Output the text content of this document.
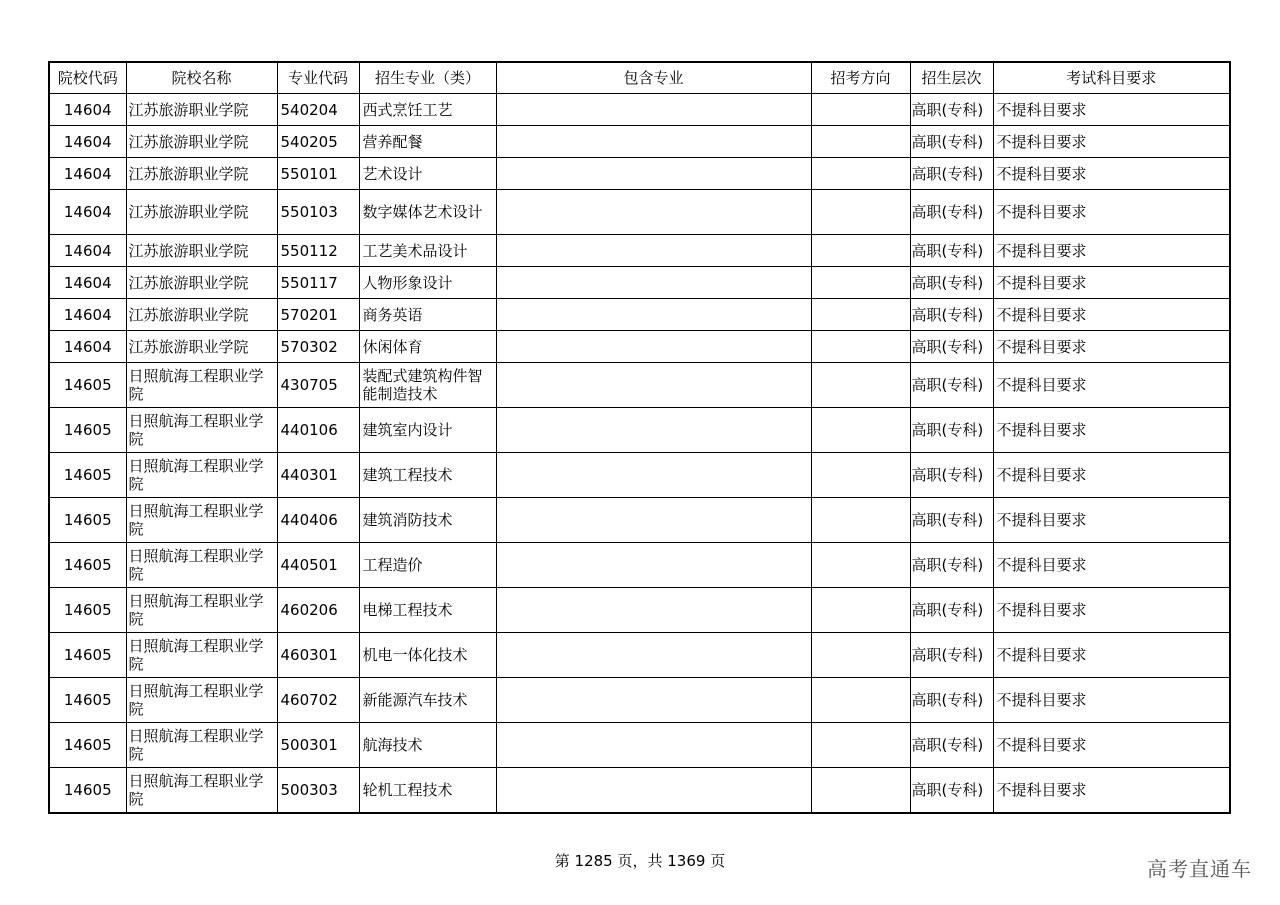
院校代码	院校名称	专业代码	招生专业（类）	包含专业	招考方向	招生层次	考试科目要求
14604	江苏旅游职业学院	540204	西式烹饪工艺			高职(专科)	不提科目要求
14604	江苏旅游职业学院	540205	营养配餐			高职(专科)	不提科目要求
14604	江苏旅游职业学院	550101	艺术设计			高职(专科)	不提科目要求
14604	江苏旅游职业学院	550103	数字媒体艺术设计			高职(专科)	不提科目要求
14604	江苏旅游职业学院	550112	工艺美术品设计			高职(专科)	不提科目要求
14604	江苏旅游职业学院	550117	人物形象设计			高职(专科)	不提科目要求
14604	江苏旅游职业学院	570201	商务英语			高职(专科)	不提科目要求
14604	江苏旅游职业学院	570302	休闲体育			高职(专科)	不提科目要求
14605	日照航海工程职业学院	430705	装配式建筑构件智能制造技术			高职(专科)	不提科目要求
14605	日照航海工程职业学院	440106	建筑室内设计			高职(专科)	不提科目要求
14605	日照航海工程职业学院	440301	建筑工程技术			高职(专科)	不提科目要求
14605	日照航海工程职业学院	440406	建筑消防技术			高职(专科)	不提科目要求
14605	日照航海工程职业学院	440501	工程造价			高职(专科)	不提科目要求
14605	日照航海工程职业学院	460206	电梯工程技术			高职(专科)	不提科目要求
14605	日照航海工程职业学院	460301	机电一体化技术			高职(专科)	不提科目要求
14605	日照航海工程职业学院	460702	新能源汽车技术			高职(专科)	不提科目要求
14605	日照航海工程职业学院	500301	航海技术			高职(专科)	不提科目要求
14605	日照航海工程职业学院	500303	轮机工程技术			高职(专科)	不提科目要求
第 1285 页，共 1369 页	高考直通车
